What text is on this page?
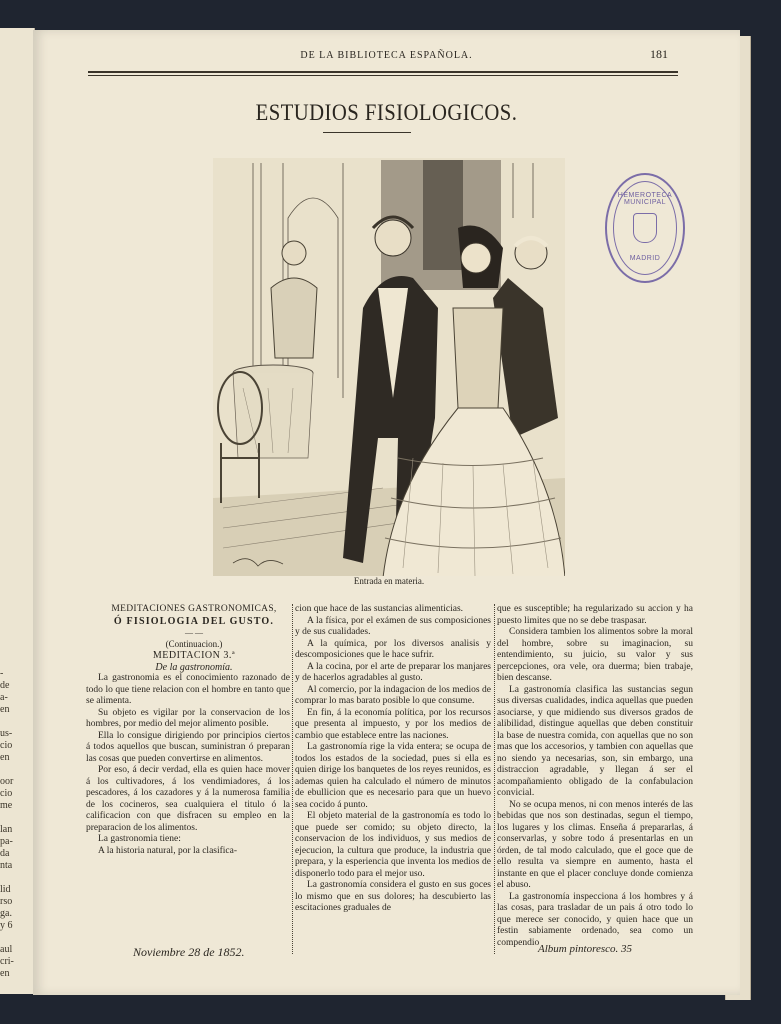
-
de
a-
en
us-
cio
en
oor
cio
me
lan
pa-
da
nta
lid
rso
ga.
y 6
aul
cri-
en
DE LA BIBLIOTECA ESPAÑOLA.	181
ESTUDIOS FISIOLOGICOS.
Entrada en materia.
HEMEROTECA MUNICIPAL
MADRID

MEDITACIONES GASTRONOMICAS,

Ó FISIOLOGIA DEL GUSTO.

— —

(Continuacion.)

MEDITACION 3.ª

De la gastronomía.

La gastronomia es el conocimiento razonado de todo lo que tiene relacion con el hombre en tanto que se alimenta.

Su objeto es vigilar por la conservacion de los hombres, por medio del mejor alimento posible.

Ella lo consigue dirigiendo por principios ciertos á todos aquellos que buscan, suministran ó preparan las cosas que pueden convertirse en alimentos.

Por eso, á decir verdad, ella es quien hace mover á los cultivadores, á los vendimiadores, á los pescadores, á los cazadores y á la numerosa familia de los cocineros, sea cualquiera el titulo ó la calificacion con que disfracen su empleo en la preparacion de los alimentos.

La gastronomia tiene:

A la historia natural, por la clasifica-

cion que hace de las sustancias alimenticias.

A la física, por el exámen de sus composiciones y de sus cualidades.

A la química, por los diversos analisis y descomposiciones que le hace sufrir.

A la cocina, por el arte de preparar los manjares y de hacerlos agradables al gusto.

Al comercio, por la indagacion de los medios de comprar lo mas barato posible lo que consume.

En fin, á la economía política, por los recursos que presenta al impuesto, y por los medios de cambio que establece entre las naciones.

La gastronomía rige la vida entera; se ocupa de todos los estados de la sociedad, pues si ella es quien dirige los banquetes de los reyes reunidos, es ademas quien ha calculado el número de minutos de ebullicion que es necesario para que un huevo sea cocido á punto.

El objeto material de la gastronomía es todo lo que puede ser comido; su objeto directo, la conservacion de los individuos, y sus medios de ejecucion, la cultura que produce, la industria que prepara, y la esperiencia que inventa los medios de disponerlo todo para el mejor uso.

La gastronomía considera el gusto en sus goces lo mismo que en sus dolores; ha descubierto las escitaciones graduales de

que es susceptible; ha regularizado su accion y ha puesto limites que no se debe traspasar.

Considera tambien los alimentos sobre la moral del hombre, sobre su imaginacion, su entendimiento, su juicio, su valor y sus percepciones, ora vele, ora duerma; bien trabaje, bien descanse.

La gastronomía clasifica las sustancias segun sus diversas cualidades, indica aquellas que pueden asociarse, y que midiendo sus diversos grados de alibilidad, distingue aquellas que deben constituir la base de nuestra comida, con aquellas que no son mas que los accesorios, y tambien con aquellas que no siendo ya necesarias, son, sin embargo, una distraccion agradable, y llegan á ser el acompañamiento obligado de la confabulacion convicial.

No se ocupa menos, ni con menos interés de las bebidas que nos son destinadas, segun el tiempo, los lugares y los climas. Enseña á prepararlas, á conservarlas, y sobre todo á presentarlas en un órden, de tal modo calculado, que el goce que de ello resulta va siempre en aumento, hasta el instante en que el placer concluye donde comienza el abuso.

La gastronomía inspecciona á los hombres y á las cosas, para trasladar de un pais á otro todo lo que merece ser conocido, y quien hace que un festin sabiamente ordenado, sea como un compendio

Noviembre 28 de 1852.	Album pintoresco. 35
